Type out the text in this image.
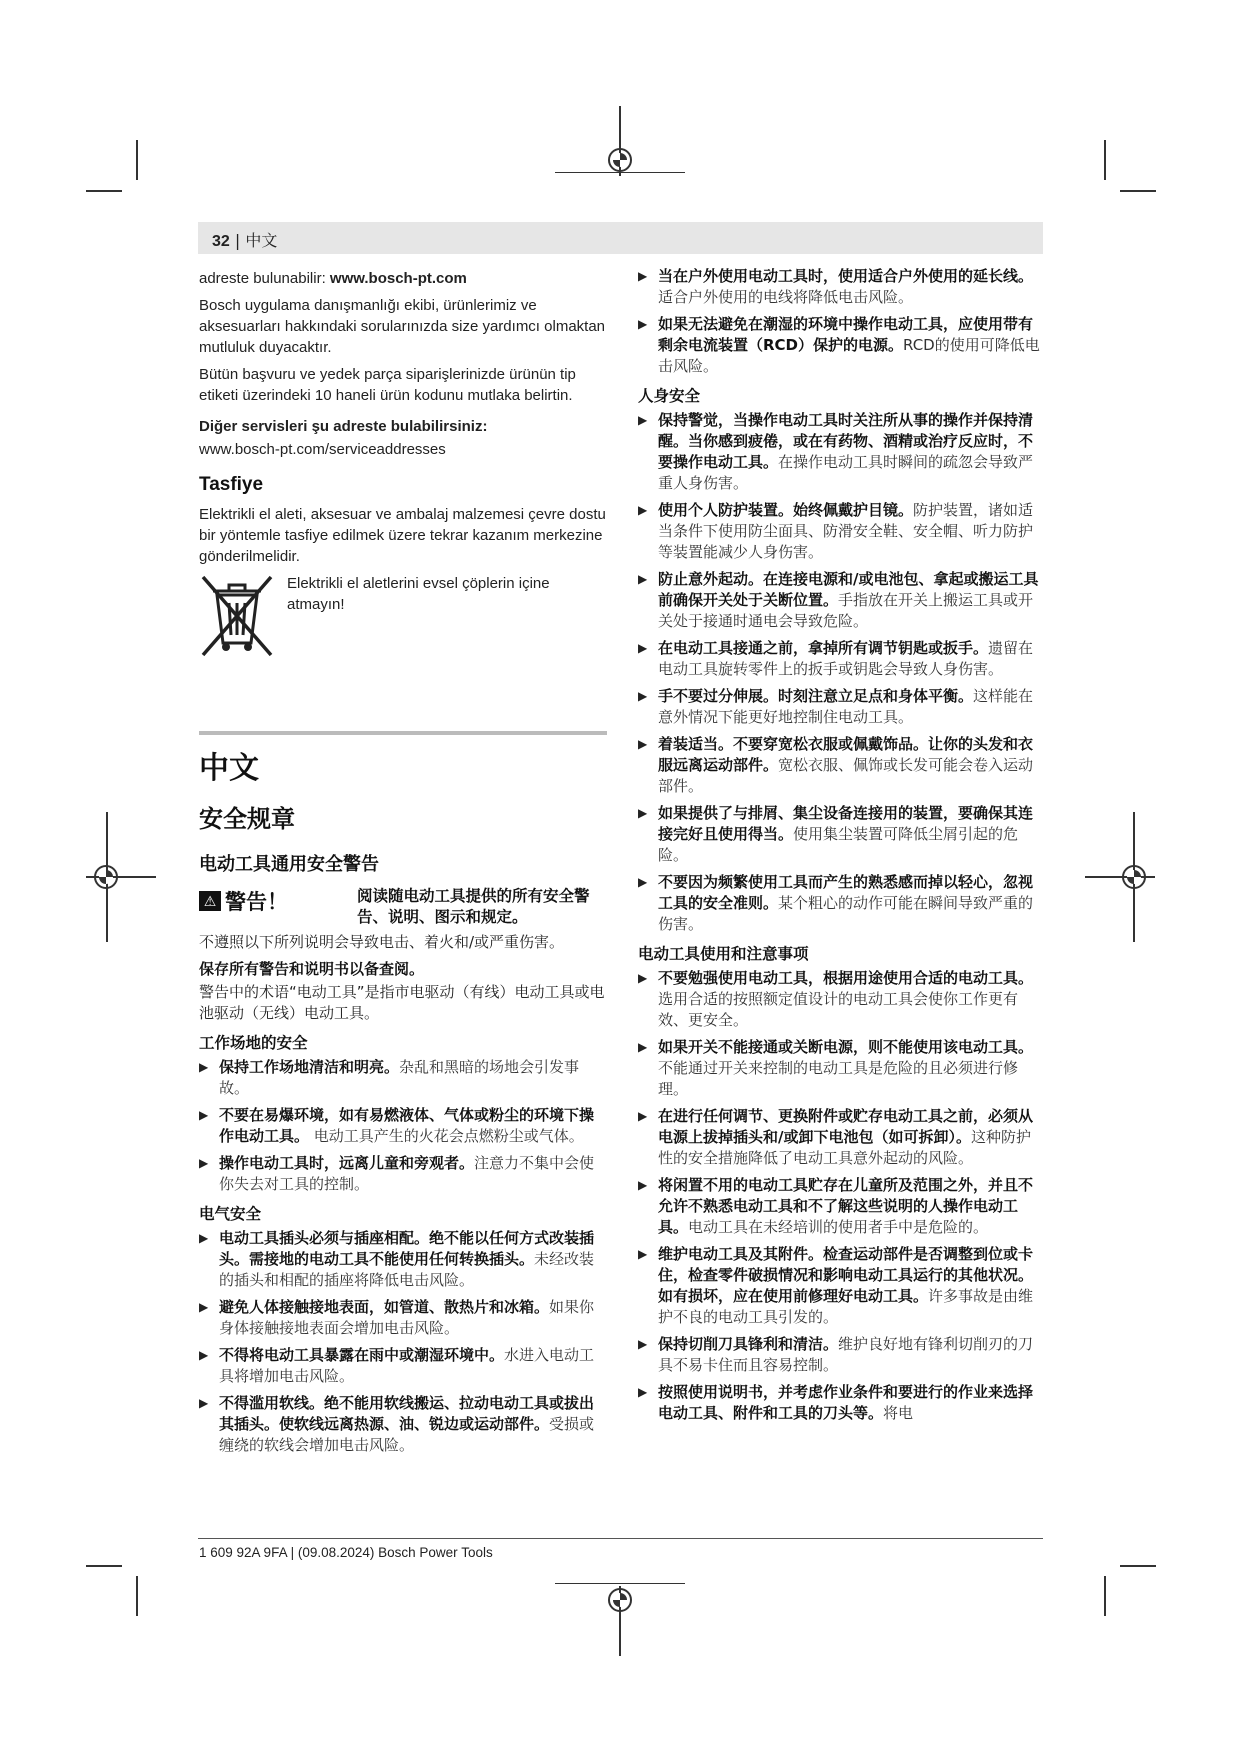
32 | 中文

adreste bulunabilir: www.bosch-pt.com

Bosch uygulama danışmanlığı ekibi, ürünlerimiz ve aksesuarları hakkındaki sorularınızda size yardımcı olmaktan mutluluk duyacaktır.

Bütün başvuru ve yedek parça siparişlerinizde ürünün tip etiketi üzerindeki 10 haneli ürün kodunu mutlaka belirtin.

Diğer servisleri şu adreste bulabilirsiniz:

www.bosch-pt.com/serviceaddresses

Tasfiye

Elektrikli el aleti, aksesuar ve ambalaj malzemesi çevre dostu bir yöntemle tasfiye edilmek üzere tekrar kazanım merkezine gönderilmelidir.

Elektrikli el aletlerini evsel çöplerin içine atmayın!

中文
安全规章
电动工具通用安全警告
⚠ 警告！	阅读随电动工具提供的所有安全警告、说明、图示和规定。

不遵照以下所列说明会导致电击、着火和/或严重伤害。

保存所有警告和说明书以备查阅。

警告中的术语“电动工具”是指市电驱动（有线）电动工具或电池驱动（无线）电动工具。

工作场地的安全
▶ 保持工作场地清洁和明亮。杂乱和黑暗的场地会引发事故。
▶ 不要在易爆环境，如有易燃液体、气体或粉尘的环境下操作电动工具。 电动工具产生的火花会点燃粉尘或气体。
▶ 操作电动工具时，远离儿童和旁观者。注意力不集中会使你失去对工具的控制。
电气安全
▶ 电动工具插头必须与插座相配。绝不能以任何方式改装插头。需接地的电动工具不能使用任何转换插头。未经改装的插头和相配的插座将降低电击风险。
▶ 避免人体接触接地表面，如管道、散热片和冰箱。如果你身体接触接地表面会增加电击风险。
▶ 不得将电动工具暴露在雨中或潮湿环境中。水进入电动工具将增加电击风险。
▶ 不得滥用软线。绝不能用软线搬运、拉动电动工具或拔出其插头。使软线远离热源、油、锐边或运动部件。受损或缠绕的软线会增加电击风险。
▶ 当在户外使用电动工具时，使用适合户外使用的延长线。适合户外使用的电线将降低电击风险。
▶ 如果无法避免在潮湿的环境中操作电动工具，应使用带有剩余电流装置（RCD）保护的电源。RCD的使用可降低电击风险。
人身安全
▶ 保持警觉，当操作电动工具时关注所从事的操作并保持清醒。当你感到疲倦，或在有药物、酒精或治疗反应时，不要操作电动工具。在操作电动工具时瞬间的疏忽会导致严重人身伤害。
▶ 使用个人防护装置。始终佩戴护目镜。防护装置，诸如适当条件下使用防尘面具、防滑安全鞋、安全帽、听力防护等装置能减少人身伤害。
▶ 防止意外起动。在连接电源和/或电池包、拿起或搬运工具前确保开关处于关断位置。手指放在开关上搬运工具或开关处于接通时通电会导致危险。
▶ 在电动工具接通之前，拿掉所有调节钥匙或扳手。遗留在电动工具旋转零件上的扳手或钥匙会导致人身伤害。
▶ 手不要过分伸展。时刻注意立足点和身体平衡。这样能在意外情况下能更好地控制住电动工具。
▶ 着装适当。不要穿宽松衣服或佩戴饰品。让你的头发和衣服远离运动部件。宽松衣服、佩饰或长发可能会卷入运动部件。
▶ 如果提供了与排屑、集尘设备连接用的装置，要确保其连接完好且使用得当。使用集尘装置可降低尘屑引起的危险。
▶ 不要因为频繁使用工具而产生的熟悉感而掉以轻心，忽视工具的安全准则。某个粗心的动作可能在瞬间导致严重的伤害。
电动工具使用和注意事项
▶ 不要勉强使用电动工具，根据用途使用合适的电动工具。选用合适的按照额定值设计的电动工具会使你工作更有效、更安全。
▶ 如果开关不能接通或关断电源，则不能使用该电动工具。不能通过开关来控制的电动工具是危险的且必须进行修理。
▶ 在进行任何调节、更换附件或贮存电动工具之前，必须从电源上拔掉插头和/或卸下电池包（如可拆卸）。这种防护性的安全措施降低了电动工具意外起动的风险。
▶ 将闲置不用的电动工具贮存在儿童所及范围之外，并且不允许不熟悉电动工具和不了解这些说明的人操作电动工具。电动工具在未经培训的使用者手中是危险的。
▶ 维护电动工具及其附件。检查运动部件是否调整到位或卡住，检查零件破损情况和影响电动工具运行的其他状况。如有损坏，应在使用前修理好电动工具。许多事故是由维护不良的电动工具引发的。
▶ 保持切削刀具锋利和清洁。维护良好地有锋利切削刃的刀具不易卡住而且容易控制。
▶ 按照使用说明书，并考虑作业条件和要进行的作业来选择电动工具、附件和工具的刀头等。将电
1 609 92A 9FA | (09.08.2024) Bosch Power Tools
